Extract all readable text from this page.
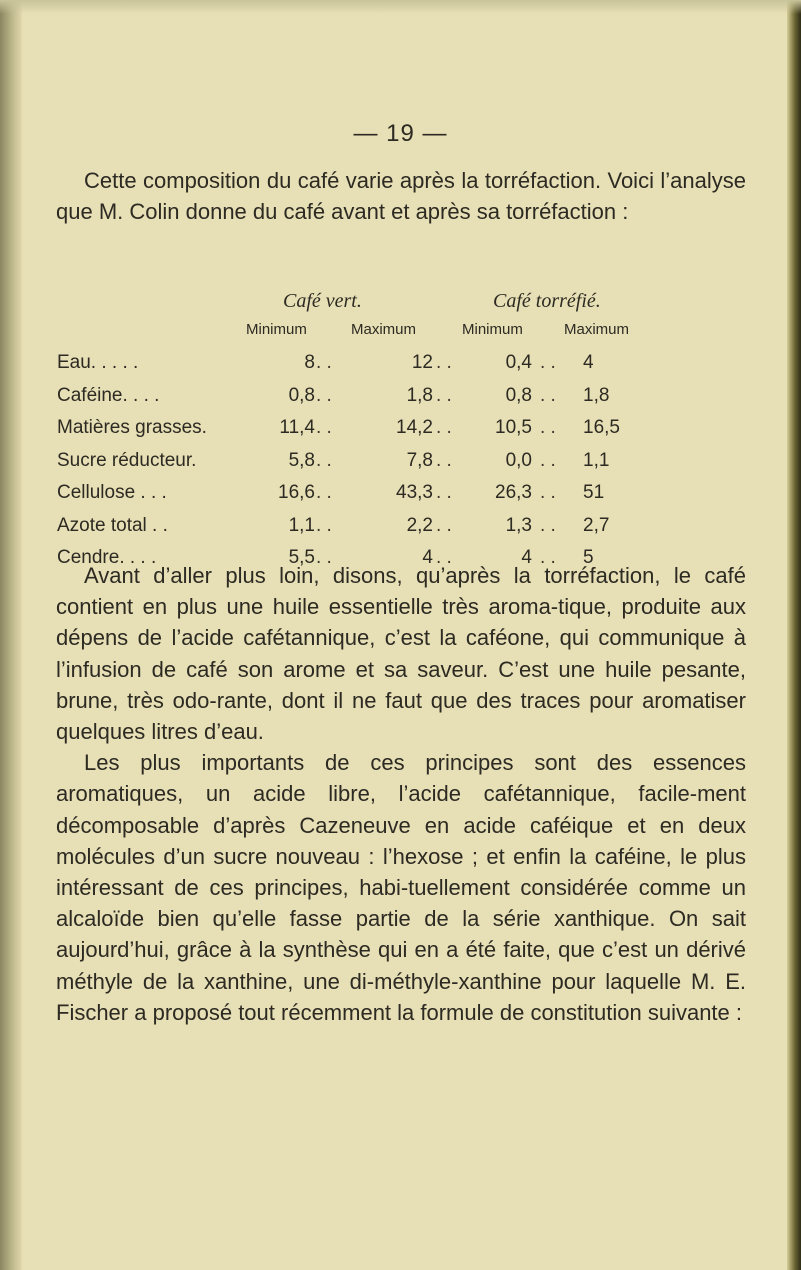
— 19 —

Cette composition du café varie après la torréfaction. Voici l’analyse que M. Colin donne du café avant et après sa torréfaction :

Café vert.	Café torréfié.
Minimum	Maximum	Minimum	Maximum
Eau. . . . .	8 . .	12 . .	0,4 . . 4
Caféine. . . .	0,8 . .	1,8 . .	0,8 . . 1,8
Matières grasses.	11,4 . .	14,2 . .	10,5 . . 16,5
Sucre réducteur.	5,8 . .	7,8 . .	0,0 . . 1,1
Cellulose . . .	16,6 . .	43,3 . .	26,3 . . 51
Azote total . .	1,1 . .	2,2 . .	1,3 . . 2,7
Cendre. . . .	5,5 . .	4 . .	4 . . 5

Avant d’aller plus loin, disons, qu’après la torréfaction, le café contient en plus une huile essentielle très aroma-tique, produite aux dépens de l’acide cafétannique, c’est la caféone, qui communique à l’infusion de café son arome et sa saveur. C’est une huile pesante, brune, très odo-rante, dont il ne faut que des traces pour aromatiser quelques litres d’eau.

Les plus importants de ces principes sont des essences aromatiques, un acide libre, l’acide cafétannique, facile-ment décomposable d’après Cazeneuve en acide caféique et en deux molécules d’un sucre nouveau : l’hexose ; et enfin la caféine, le plus intéressant de ces principes, habi-tuellement considérée comme un alcaloïde bien qu’elle fasse partie de la série xanthique. On sait aujourd’hui, grâce à la synthèse qui en a été faite, que c’est un dérivé méthyle de la xanthine, une di-méthyle-xanthine pour laquelle M. E. Fischer a proposé tout récemment la formule de constitution suivante :
